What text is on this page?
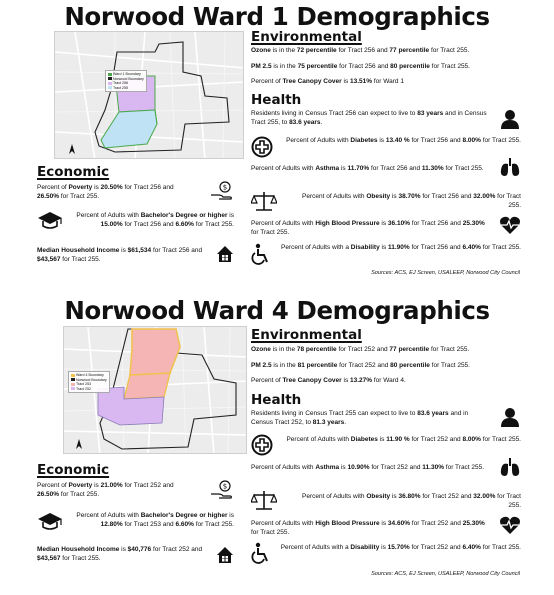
Norwood Ward 1 Demographics
Ward 1 Boundary
Norwood Boundary
Tract 256
Tract 255
Environmental
Ozone is in the 72 percentile for Tract 256 and 77 percentile for Tract 255.
PM 2.5 is in the 75 percentile for Tract 256 and 80 percentile for Tract 255.
Percent of Tree Canopy Cover is 13.51% for Ward 1
Health
Residents living in Census Tract 256 can expect to live to 83 years and in Census Tract 255, to 83.6 years.
Percent of Adults with Diabetes is 13.40 % for Tract 256 and 8.00% for Tract 255.
Percent of Adults with Asthma is 11.70% for Tract 256 and 11.30% for Tract 255.
Percent of Adults with Obesity is 38.70% for Tract 256 and 32.00% for Tract 255.
Percent of Adults with High Blood Pressure is 36.10% for Tract 256 and 25.30% for Tract 255.
Percent of Adults with a Disability is 11.90% for Tract 256 and 6.40% for Tract 255.
Economic
Percent of Poverty is 20.50% for Tract 256 and 26.50% for Tract 255.
$
Percent of Adults with Bachelor's Degree or higher is 15.00% for Tract 256 and 6.60% for Tract 255.
Median Household Income is $61,534 for Tract 256 and $43,567 for Tract 255.
Sources: ACS, EJ Screen, USALEEP, Norwood City Council
Norwood Ward 4 Demographics
Ward 4 Boundary
Norwood Boundary
Tract 253
Tract 252
Environmental
Ozone is in the 78 percentile for Tract 252 and 77 percentile for Tract 255.
PM 2.5 is in the 81 percentile for Tract 252 and 80 percentile for Tract 255.
Percent of Tree Canopy Cover is 13.27% for Ward 4.
Health
Residents living in Census Tract 255 can expect to live to 83.6 years and in Census Tract 252, to 81.3 years.
Percent of Adults with Diabetes is 11.90 % for Tract 252 and 8.00% for Tract 255.
Percent of Adults with Asthma is 10.90% for Tract 252 and 11.30% for Tract 255.
Percent of Adults with Obesity is 36.80% for Tract 252 and 32.00% for Tract 255.
Percent of Adults with High Blood Pressure is 34.60% for Tract 252 and 25.30% for Tract 255.
Percent of Adults with a Disability is 15.70% for Tract 252 and 6.40% for Tract 255.
Economic
Percent of Poverty is 21.00% for Tract 252 and 26.50% for Tract 255.
$
Percent of Adults with Bachelor's Degree or higher is 12.80% for Tract 253 and 6.60% for Tract 255.
Median Household Income is $40,776 for Tract 252 and $43,567 for Tract 255.
Sources: ACS, EJ Screen, USALEEP, Norwood City Council
